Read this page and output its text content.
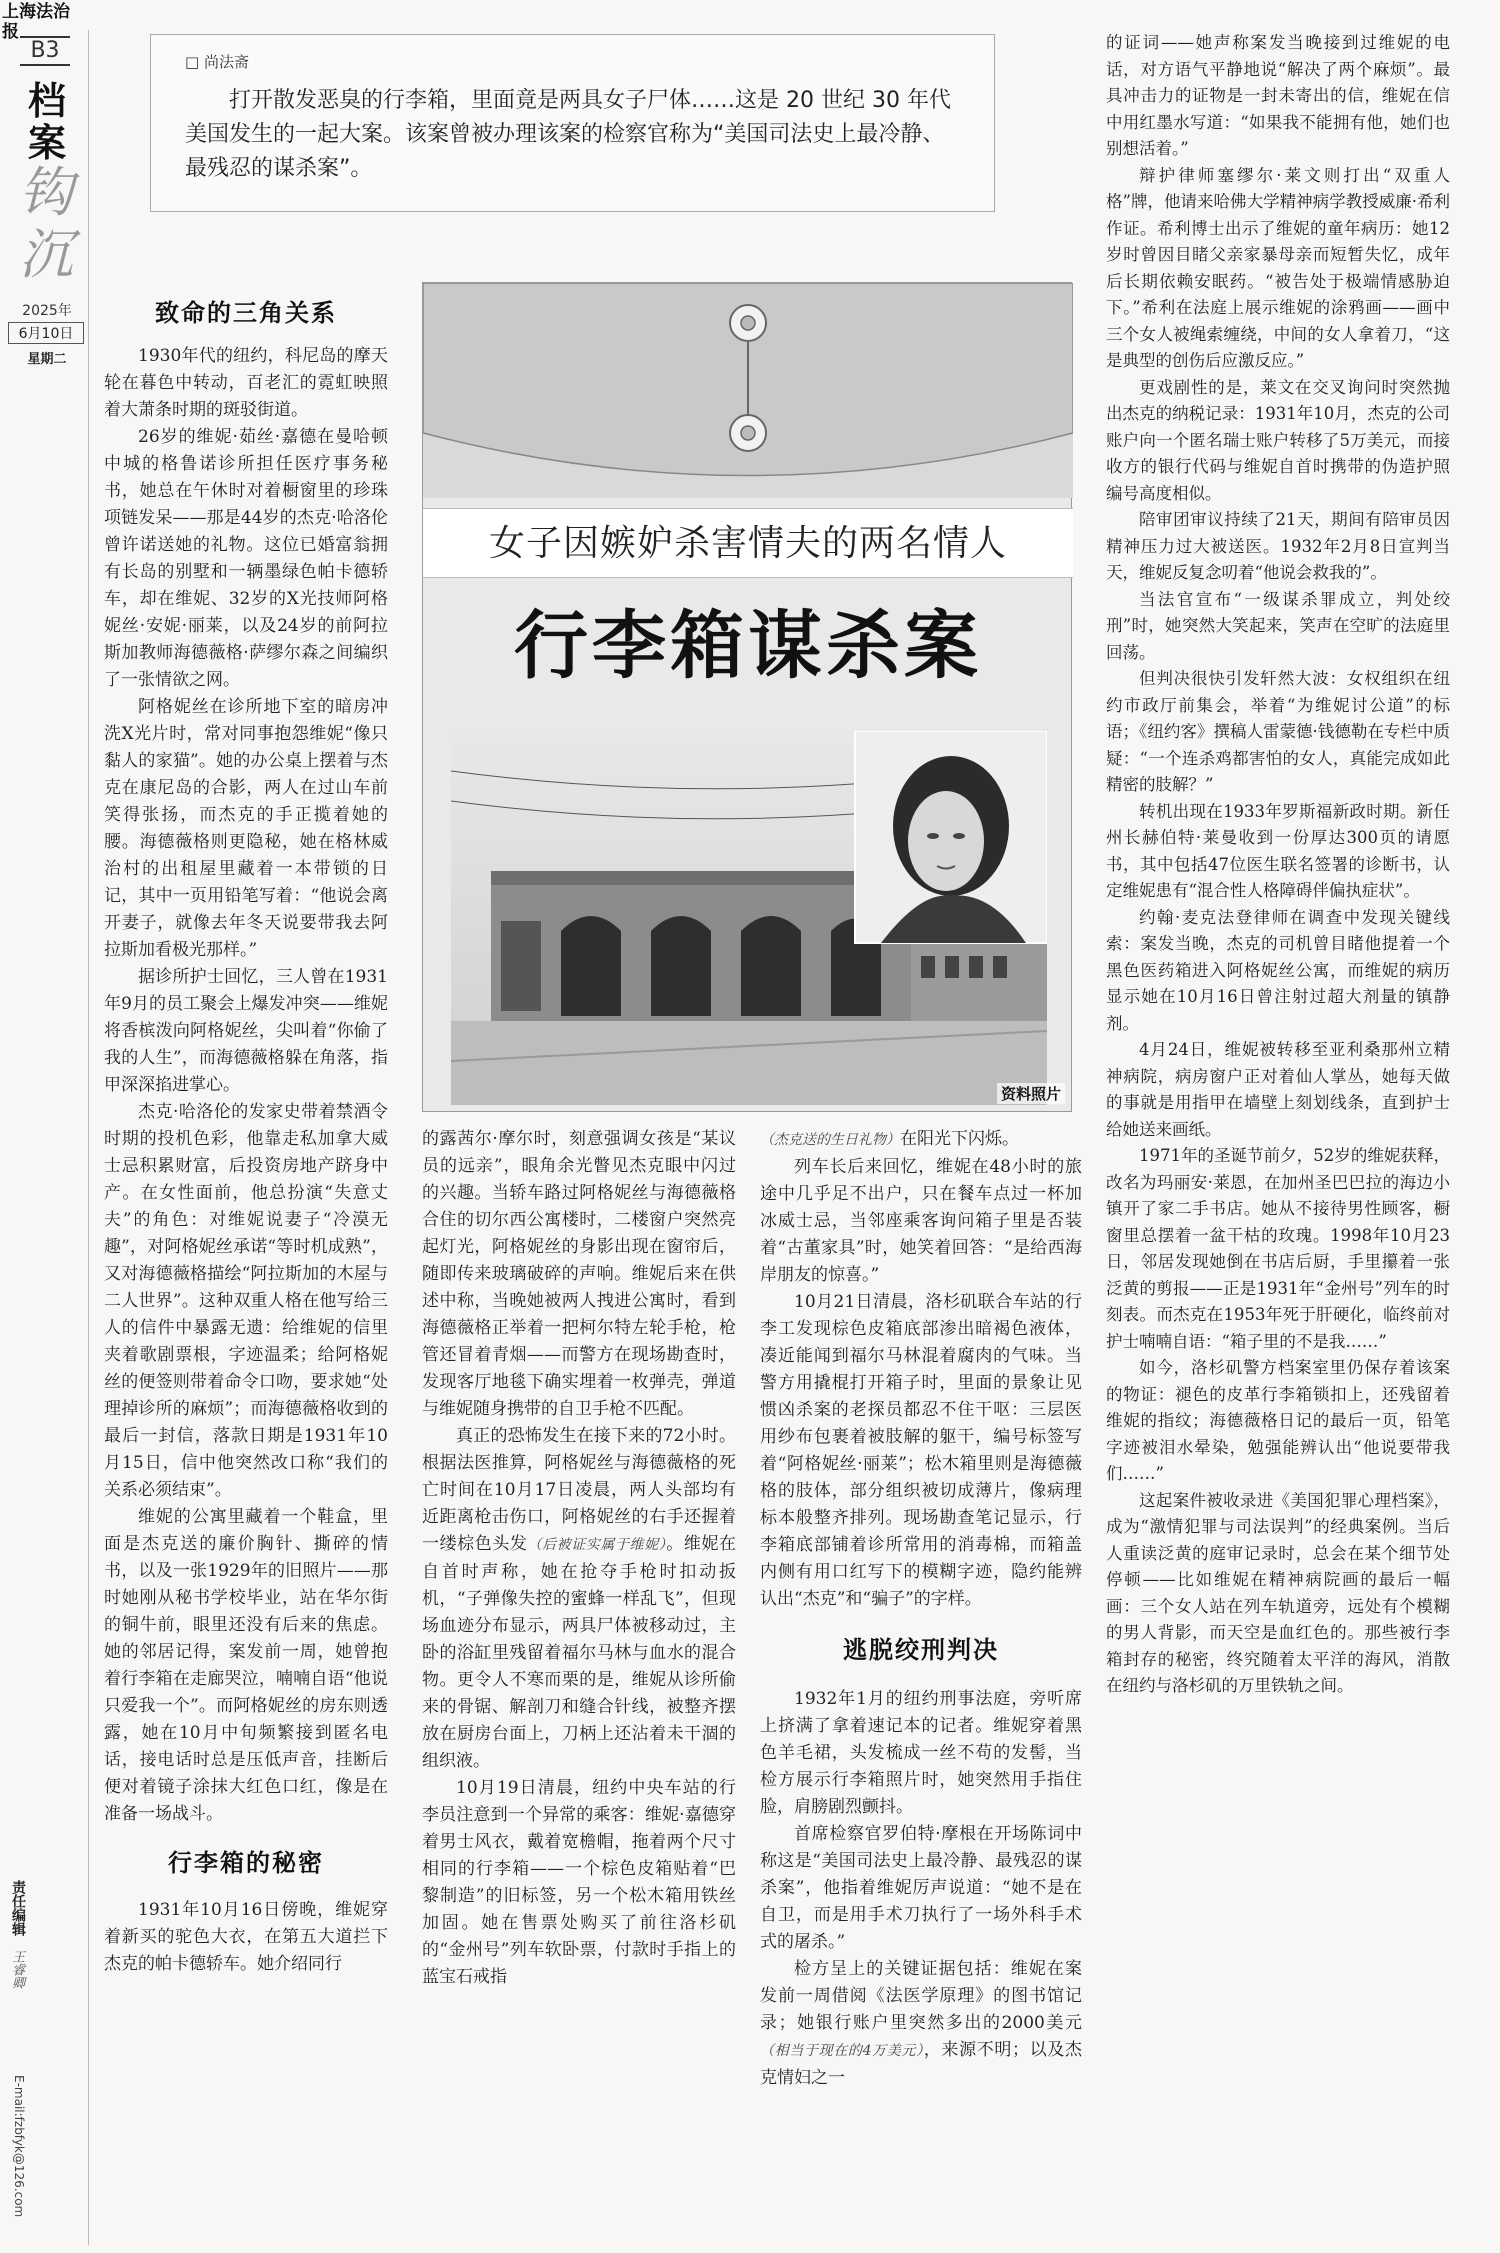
上海法治报
B3
档案
钩沉
2025年
6月10日
星期二
责任编辑
王睿卿
E-mail:fzbfyk@126.com
□ 尚法斋

打开散发恶臭的行李箱，里面竟是两具女子尸体……这是 20 世纪 30 年代美国发生的一起大案。该案曾被办理该案的检察官称为“美国司法史上最冷静、最残忍的谋杀案”。

致命的三角关系

1930年代的纽约，科尼岛的摩天轮在暮色中转动，百老汇的霓虹映照着大萧条时期的斑驳街道。

26岁的维妮·茹丝·嘉德在曼哈顿中城的格鲁诺诊所担任医疗事务秘书，她总在午休时对着橱窗里的珍珠项链发呆——那是44岁的杰克·哈洛伦曾许诺送她的礼物。这位已婚富翁拥有长岛的别墅和一辆墨绿色帕卡德轿车，却在维妮、32岁的X光技师阿格妮丝·安妮·丽莱，以及24岁的前阿拉斯加教师海德薇格·萨缪尔森之间编织了一张情欲之网。

阿格妮丝在诊所地下室的暗房冲洗X光片时，常对同事抱怨维妮“像只黏人的家猫”。她的办公桌上摆着与杰克在康尼岛的合影，两人在过山车前笑得张扬，而杰克的手正揽着她的腰。海德薇格则更隐秘，她在格林威治村的出租屋里藏着一本带锁的日记，其中一页用铅笔写着：“他说会离开妻子，就像去年冬天说要带我去阿拉斯加看极光那样。”

据诊所护士回忆，三人曾在1931年9月的员工聚会上爆发冲突——维妮将香槟泼向阿格妮丝，尖叫着“你偷了我的人生”，而海德薇格躲在角落，指甲深深掐进掌心。

杰克·哈洛伦的发家史带着禁酒令时期的投机色彩，他靠走私加拿大威士忌积累财富，后投资房地产跻身中产。在女性面前，他总扮演“失意丈夫”的角色：对维妮说妻子“冷漠无趣”，对阿格妮丝承诺“等时机成熟”，又对海德薇格描绘“阿拉斯加的木屋与二人世界”。这种双重人格在他写给三人的信件中暴露无遗：给维妮的信里夹着歌剧票根，字迹温柔；给阿格妮丝的便签则带着命令口吻，要求她“处理掉诊所的麻烦”；而海德薇格收到的最后一封信，落款日期是1931年10月15日，信中他突然改口称“我们的关系必须结束”。

维妮的公寓里藏着一个鞋盒，里面是杰克送的廉价胸针、撕碎的情书，以及一张1929年的旧照片——那时她刚从秘书学校毕业，站在华尔街的铜牛前，眼里还没有后来的焦虑。她的邻居记得，案发前一周，她曾抱着行李箱在走廊哭泣，喃喃自语“他说只爱我一个”。而阿格妮丝的房东则透露，她在10月中旬频繁接到匿名电话，接电话时总是压低声音，挂断后便对着镜子涂抹大红色口红，像是在准备一场战斗。

行李箱的秘密

1931年10月16日傍晚，维妮穿着新买的驼色大衣，在第五大道拦下杰克的帕卡德轿车。她介绍同行

女子因嫉妒杀害情夫的两名情人
行李箱谋杀案
资料照片

的露茜尔·摩尔时，刻意强调女孩是“某议员的远亲”，眼角余光瞥见杰克眼中闪过的兴趣。当轿车路过阿格妮丝与海德薇格合住的切尔西公寓楼时，二楼窗户突然亮起灯光，阿格妮丝的身影出现在窗帘后，随即传来玻璃破碎的声响。维妮后来在供述中称，当晚她被两人拽进公寓时，看到海德薇格正举着一把柯尔特左轮手枪，枪管还冒着青烟——而警方在现场勘查时，发现客厅地毯下确实埋着一枚弹壳，弹道与维妮随身携带的自卫手枪不匹配。

真正的恐怖发生在接下来的72小时。根据法医推算，阿格妮丝与海德薇格的死亡时间在10月17日凌晨，两人头部均有近距离枪击伤口，阿格妮丝的右手还握着一缕棕色头发（后被证实属于维妮）。维妮在自首时声称，她在抢夺手枪时扣动扳机，“子弹像失控的蜜蜂一样乱飞”，但现场血迹分布显示，两具尸体被移动过，主卧的浴缸里残留着福尔马林与血水的混合物。更令人不寒而栗的是，维妮从诊所偷来的骨锯、解剖刀和缝合针线，被整齐摆放在厨房台面上，刀柄上还沾着未干涸的组织液。

10月19日清晨，纽约中央车站的行李员注意到一个异常的乘客：维妮·嘉德穿着男士风衣，戴着宽檐帽，拖着两个尺寸相同的行李箱——一个棕色皮箱贴着“巴黎制造”的旧标签，另一个松木箱用铁丝加固。她在售票处购买了前往洛杉矶的“金州号”列车软卧票，付款时手指上的蓝宝石戒指

（杰克送的生日礼物）在阳光下闪烁。

列车长后来回忆，维妮在48小时的旅途中几乎足不出户，只在餐车点过一杯加冰威士忌，当邻座乘客询问箱子里是否装着“古董家具”时，她笑着回答：“是给西海岸朋友的惊喜。”

10月21日清晨，洛杉矶联合车站的行李工发现棕色皮箱底部渗出暗褐色液体，凑近能闻到福尔马林混着腐肉的气味。当警方用撬棍打开箱子时，里面的景象让见惯凶杀案的老探员都忍不住干呕：三层医用纱布包裹着被肢解的躯干，编号标签写着“阿格妮丝·丽莱”；松木箱里则是海德薇格的肢体，部分组织被切成薄片，像病理标本般整齐排列。现场勘查笔记显示，行李箱底部铺着诊所常用的消毒棉，而箱盖内侧有用口红写下的模糊字迹，隐约能辨认出“杰克”和“骗子”的字样。

逃脱绞刑判决

1932年1月的纽约刑事法庭，旁听席上挤满了拿着速记本的记者。维妮穿着黑色羊毛裙，头发梳成一丝不苟的发髻，当检方展示行李箱照片时，她突然用手指住脸，肩膀剧烈颤抖。

首席检察官罗伯特·摩根在开场陈词中称这是“美国司法史上最冷静、最残忍的谋杀案”，他指着维妮厉声说道：“她不是在自卫，而是用手术刀执行了一场外科手术式的屠杀。”

检方呈上的关键证据包括：维妮在案发前一周借阅《法医学原理》的图书馆记录；她银行账户里突然多出的2000美元（相当于现在的4万美元），来源不明；以及杰克情妇之一

的证词——她声称案发当晚接到过维妮的电话，对方语气平静地说“解决了两个麻烦”。最具冲击力的证物是一封未寄出的信，维妮在信中用红墨水写道：“如果我不能拥有他，她们也别想活着。”

辩护律师塞缪尔·莱文则打出“双重人格”牌，他请来哈佛大学精神病学教授威廉·希利作证。希利博士出示了维妮的童年病历：她12岁时曾因目睹父亲家暴母亲而短暂失忆，成年后长期依赖安眠药。“被告处于极端情感胁迫下。”希利在法庭上展示维妮的涂鸦画——画中三个女人被绳索缠绕，中间的女人拿着刀，“这是典型的创伤后应激反应。”

更戏剧性的是，莱文在交叉询问时突然抛出杰克的纳税记录：1931年10月，杰克的公司账户向一个匿名瑞士账户转移了5万美元，而接收方的银行代码与维妮自首时携带的伪造护照编号高度相似。

陪审团审议持续了21天，期间有陪审员因精神压力过大被送医。1932年2月8日宣判当天，维妮反复念叨着“他说会救我的”。

当法官宣布“一级谋杀罪成立，判处绞刑”时，她突然大笑起来，笑声在空旷的法庭里回荡。

但判决很快引发轩然大波：女权组织在纽约市政厅前集会，举着“为维妮讨公道”的标语；《纽约客》撰稿人雷蒙德·钱德勒在专栏中质疑：“一个连杀鸡都害怕的女人，真能完成如此精密的肢解？”

转机出现在1933年罗斯福新政时期。新任州长赫伯特·莱曼收到一份厚达300页的请愿书，其中包括47位医生联名签署的诊断书，认定维妮患有“混合性人格障碍伴偏执症状”。

约翰·麦克法登律师在调查中发现关键线索：案发当晚，杰克的司机曾目睹他提着一个黑色医药箱进入阿格妮丝公寓，而维妮的病历显示她在10月16日曾注射过超大剂量的镇静剂。

4月24日，维妮被转移至亚利桑那州立精神病院，病房窗户正对着仙人掌丛，她每天做的事就是用指甲在墙壁上刻划线条，直到护士给她送来画纸。

1971年的圣诞节前夕，52岁的维妮获释，改名为玛丽安·莱恩，在加州圣巴巴拉的海边小镇开了家二手书店。她从不接待男性顾客，橱窗里总摆着一盆干枯的玫瑰。1998年10月23日，邻居发现她倒在书店后厨，手里攥着一张泛黄的剪报——正是1931年“金州号”列车的时刻表。而杰克在1953年死于肝硬化，临终前对护士喃喃自语：“箱子里的不是我……”

如今，洛杉矶警方档案室里仍保存着该案的物证：褪色的皮革行李箱锁扣上，还残留着维妮的指纹；海德薇格日记的最后一页，铅笔字迹被泪水晕染，勉强能辨认出“他说要带我们……”

这起案件被收录进《美国犯罪心理档案》，成为“激情犯罪与司法误判”的经典案例。当后人重读泛黄的庭审记录时，总会在某个细节处停顿——比如维妮在精神病院画的最后一幅画：三个女人站在列车轨道旁，远处有个模糊的男人背影，而天空是血红色的。那些被行李箱封存的秘密，终究随着太平洋的海风，消散在纽约与洛杉矶的万里铁轨之间。
